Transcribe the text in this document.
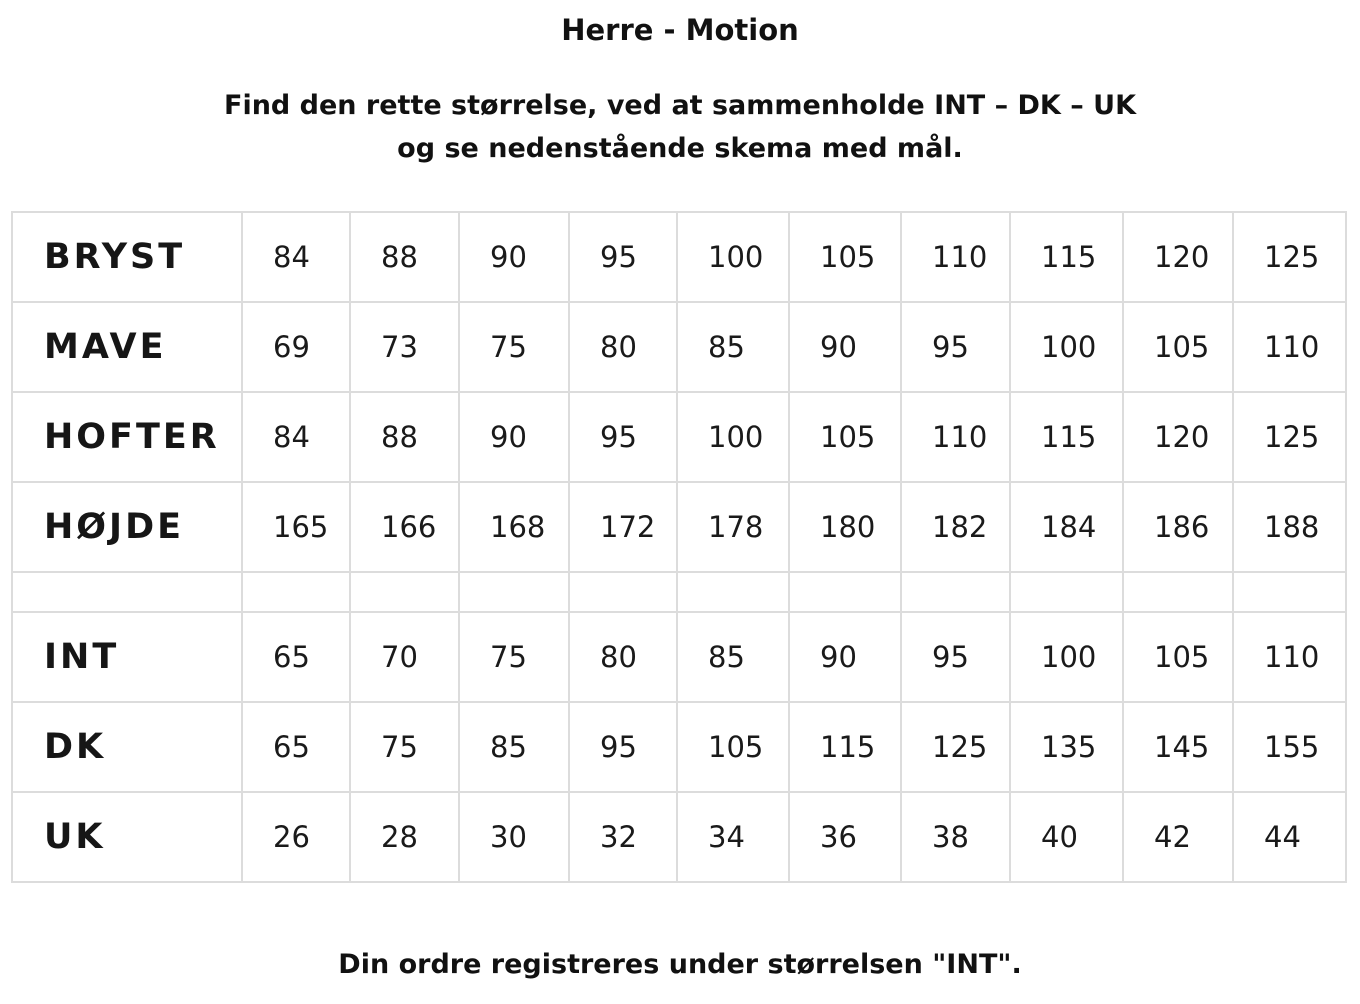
Herre - Motion
Find den rette størrelse, ved at sammenholde INT – DK – UK
og se nedenstående skema med mål.
BRYST	84	88	90	95	100	105	110	115	120	125
MAVE	69	73	75	80	85	90	95	100	105	110
HOFTER	84	88	90	95	100	105	110	115	120	125
HØJDE	165	166	168	172	178	180	182	184	186	188

INT	65	70	75	80	85	90	95	100	105	110
DK	65	75	85	95	105	115	125	135	145	155
UK	26	28	30	32	34	36	38	40	42	44
Din ordre registreres under størrelsen "INT".
